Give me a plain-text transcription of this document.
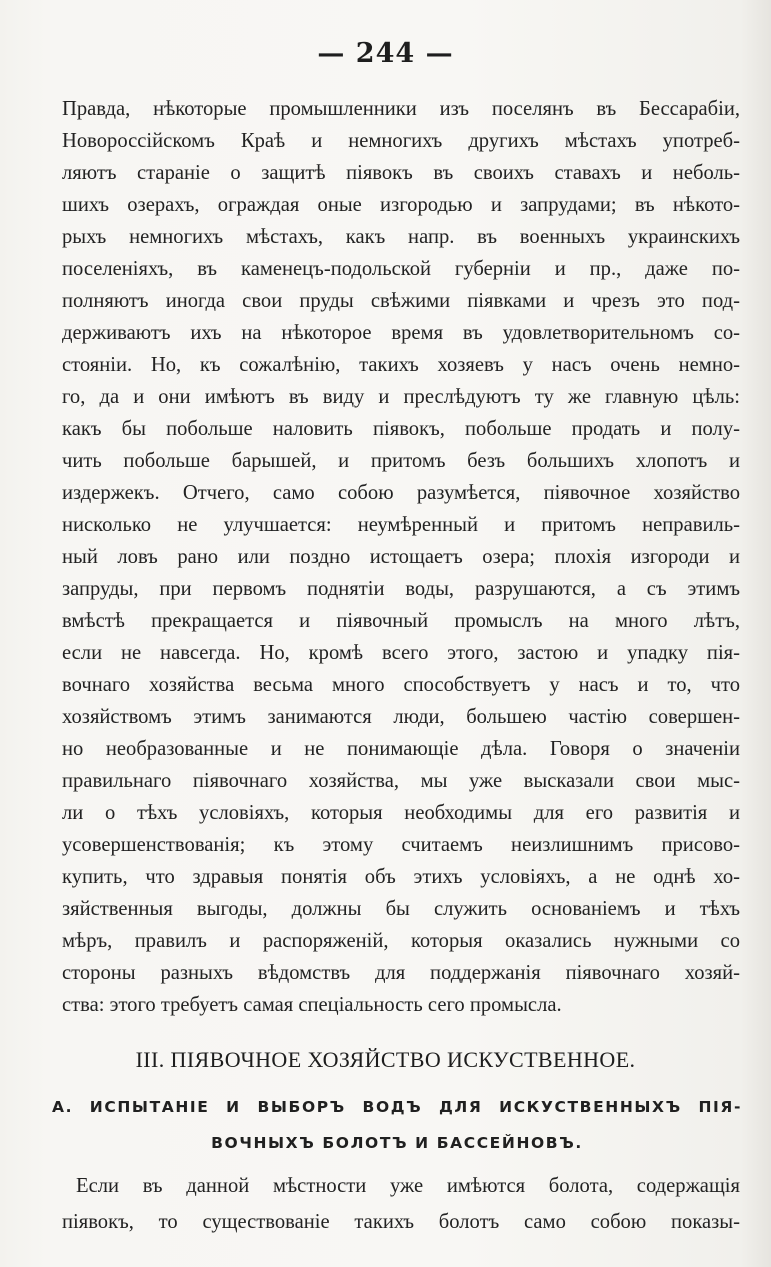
— 244 —
Правда, нѣкоторые промышленники изъ поселянъ въ Бессарабіи,
Новороссійскомъ Краѣ и немногихъ другихъ мѣстахъ употреб-
ляютъ стараніе о защитѣ піявокъ въ своихъ ставахъ и неболь-
шихъ озерахъ, ограждая оные изгородью и запрудами; въ нѣкото-
рыхъ немногихъ мѣстахъ, какъ напр. въ военныхъ украинскихъ
поселеніяхъ, въ каменецъ-подольской губерніи и пр., даже по-
полняютъ иногда свои пруды свѣжими піявками и чрезъ это под-
держиваютъ ихъ на нѣкоторое время въ удовлетворительномъ со-
стояніи. Но, къ сожалѣнію, такихъ хозяевъ у насъ очень немно-
го, да и они имѣютъ въ виду и преслѣдуютъ ту же главную цѣль:
какъ бы побольше наловить піявокъ, побольше продать и полу-
чить побольше барышей, и притомъ безъ большихъ хлопотъ и
издержекъ. Отчего, само собою разумѣется, піявочное хозяйство
нисколько не улучшается: неумѣренный и притомъ неправиль-
ный ловъ рано или поздно истощаетъ озера; плохія изгороди и
запруды, при первомъ поднятіи воды, разрушаются, а съ этимъ
вмѣстѣ прекращается и піявочный промыслъ на много лѣтъ,
если не навсегда. Но, кромѣ всего этого, застою и упадку пія-
вочнаго хозяйства весьма много способствуетъ у насъ и то, что
хозяйствомъ этимъ занимаются люди, большею частію совершен-
но необразованные и не понимающіе дѣла. Говоря о значеніи
правильнаго піявочнаго хозяйства, мы уже высказали свои мыс-
ли о тѣхъ условіяхъ, которыя необходимы для его развитія и
усовершенствованія; къ этому считаемъ неизлишнимъ присово-
купить, что здравыя понятія объ этихъ условіяхъ, а не однѣ хо-
зяйственныя выгоды, должны бы служить основаніемъ и тѣхъ
мѣръ, правилъ и распоряженій, которыя оказались нужными со
стороны разныхъ вѣдомствъ для поддержанія піявочнаго хозяй-
ства: этого требуетъ самая спеціальность сего промысла.
III. ПІЯВОЧНОЕ ХОЗЯЙСТВО ИСКУСТВЕННОЕ.
А. ИСПЫТАНІЕ И ВЫБОРЪ ВОДЪ ДЛЯ ИСКУСТВЕННЫХЪ ПІЯ-
ВОЧНЫХЪ БОЛОТЪ И БАССЕЙНОВЪ.
Если въ данной мѣстности уже имѣются болота, содержащія
піявокъ, то существованіе такихъ болотъ само собою показы-
